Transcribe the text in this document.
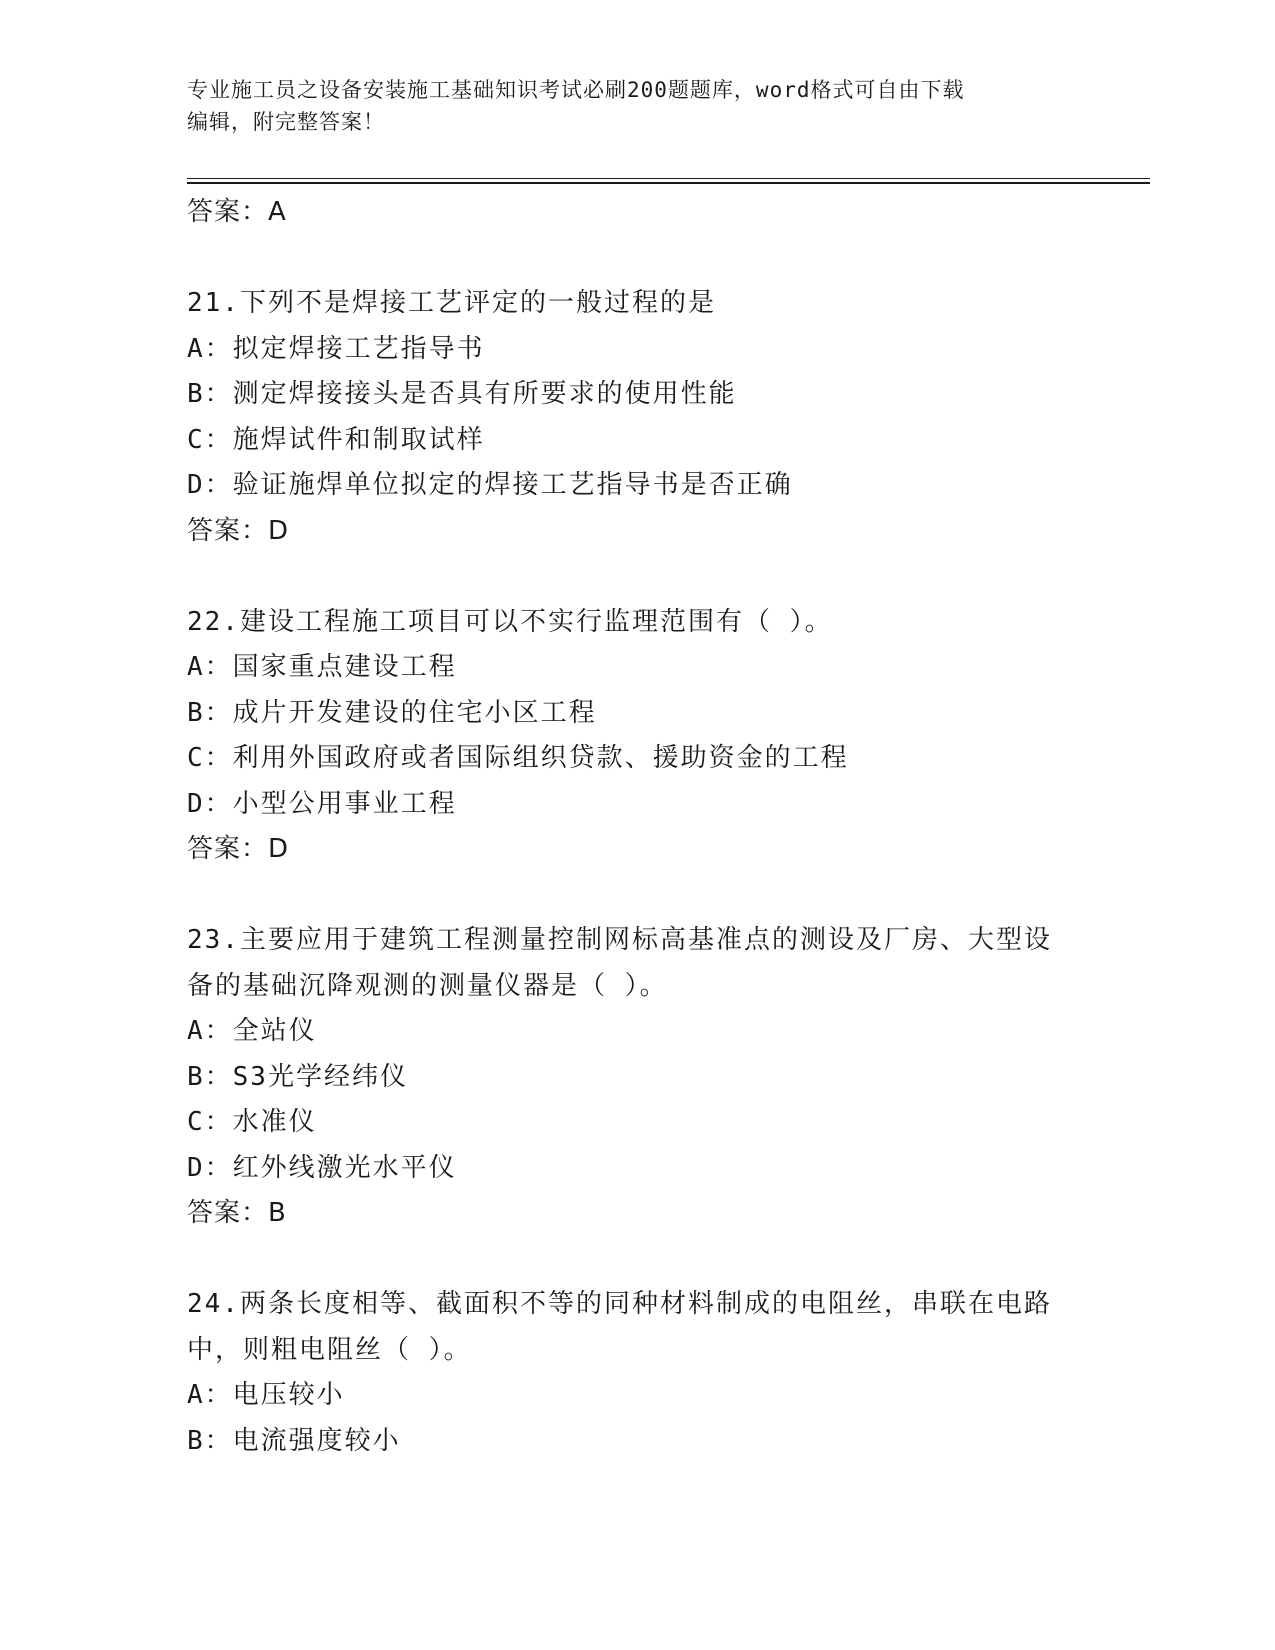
专业施工员之设备安装施工基础知识考试必刷200题题库，word格式可自由下载
编辑，附完整答案！
答案：A
21.下列不是焊接工艺评定的一般过程的是
A：拟定焊接工艺指导书
B：测定焊接接头是否具有所要求的使用性能
C：施焊试件和制取试样
D：验证施焊单位拟定的焊接工艺指导书是否正确
答案：D
22.建设工程施工项目可以不实行监理范围有（ ）。
A：国家重点建设工程
B：成片开发建设的住宅小区工程
C：利用外国政府或者国际组织贷款、援助资金的工程
D：小型公用事业工程
答案：D
23.主要应用于建筑工程测量控制网标高基准点的测设及厂房、大型设
备的基础沉降观测的测量仪器是（ ）。
A：全站仪
B：S3光学经纬仪
C：水准仪
D：红外线激光水平仪
答案：B
24.两条长度相等、截面积不等的同种材料制成的电阻丝，串联在电路
中，则粗电阻丝（ ）。
A：电压较小
B：电流强度较小
